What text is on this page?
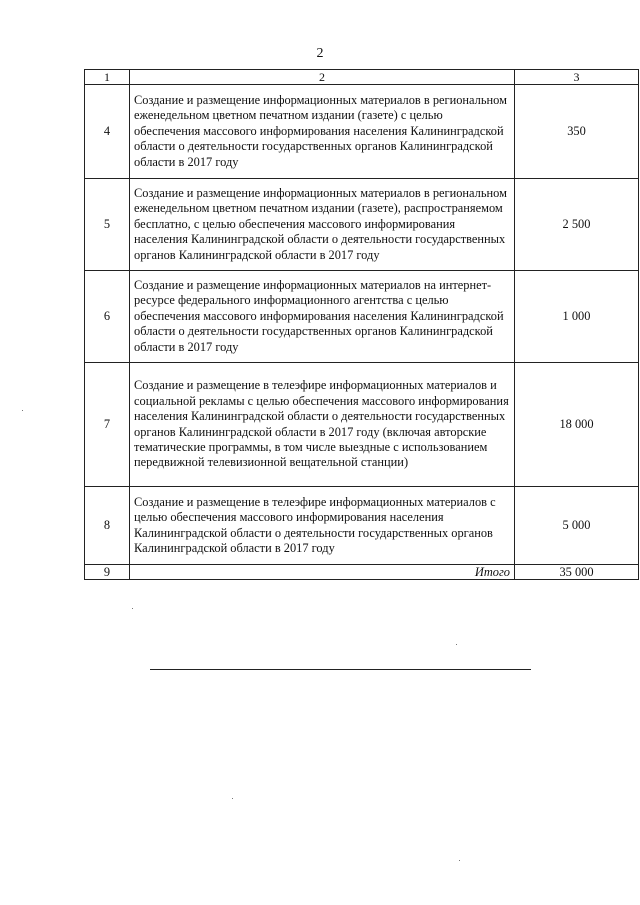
2
1	2	3
4	Создание и размещение информационных материалов в региональном еженедельном цветном печатном издании (газете) с целью обеспечения массового информирования населения Калининградской области о деятельности государственных органов Калининградской области в 2017 году	350
5	Создание и размещение информационных материалов в региональном еженедельном цветном печатном издании (газете), распространяемом бесплатно, с целью обеспечения массового информирования населения Калининградской области о деятельности государственных органов Калининградской области в 2017 году	2 500
6	Создание и размещение информационных материалов на интернет-ресурсе федерального информационного агентства с целью обеспечения массового информирования населения Калининградской области о деятельности государственных органов Калининградской области в 2017 году	1 000
7	Создание и размещение в телеэфире информационных материалов и социальной рекламы с целью обеспечения массового информирования населения Калининградской области о деятельности государственных органов Калининградской области в 2017 году (включая авторские тематические программы, в том числе выездные с использованием передвижной телевизионной вещательной станции)	18 000
8	Создание и размещение в телеэфире информационных материалов с целью обеспечения массового информирования населения Калининградской области о деятельности государственных органов Калининградской области в 2017 году	5 000
9	Итого	35 000
